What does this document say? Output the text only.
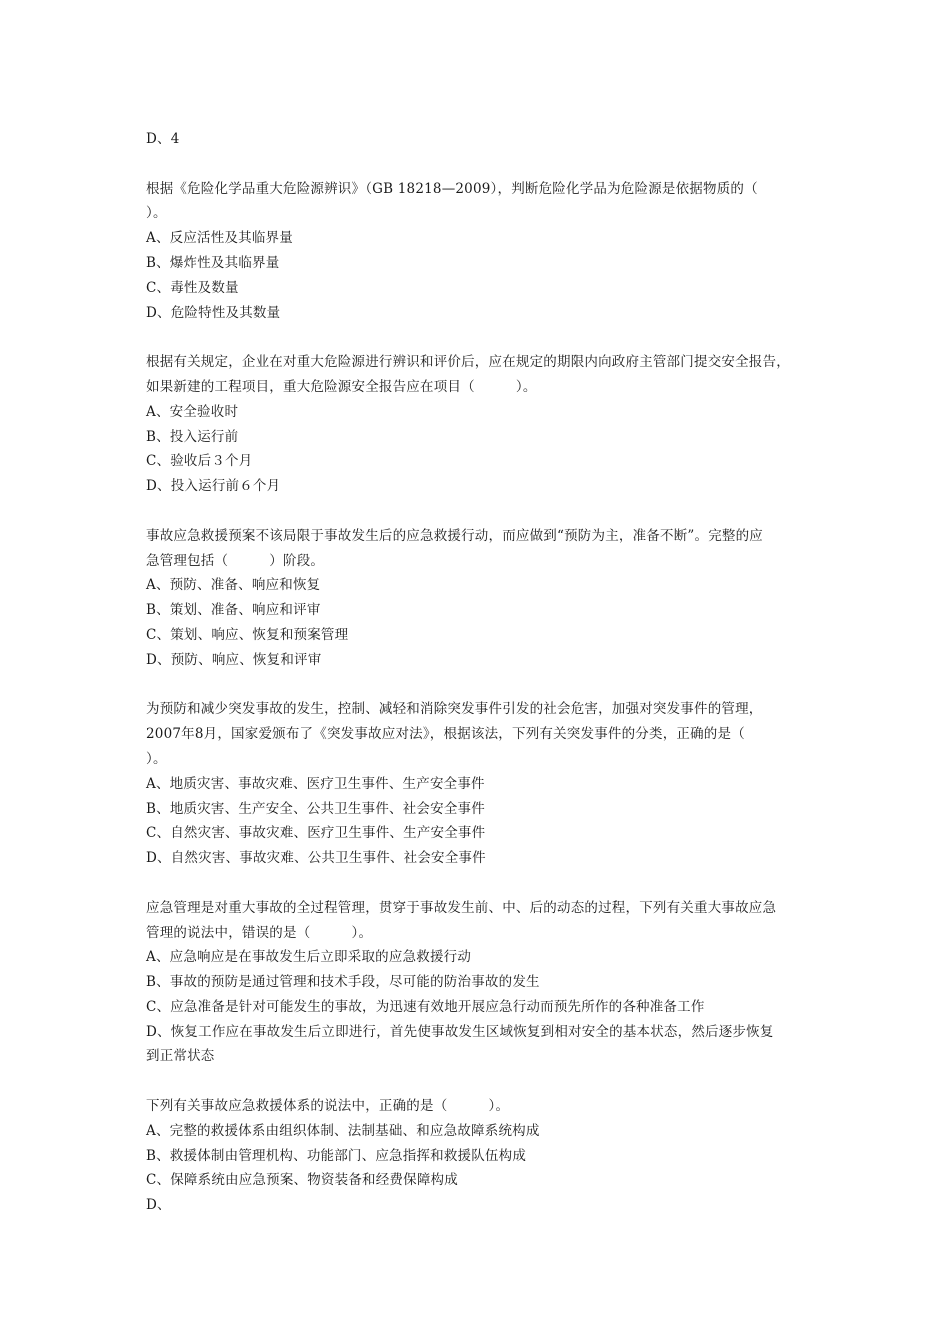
D、4
根据《危险化学品重大危险源辨识》（GB 18218—2009），判断危险化学品为危险源是依据物质的（
）。
A、反应活性及其临界量
B、爆炸性及其临界量
C、毒性及数量
D、危险特性及其数量
根据有关规定，企业在对重大危险源进行辨识和评价后，应在规定的期限内向政府主管部门提交安全报告，
如果新建的工程项目，重大危险源安全报告应在项目（　　　）。
A、安全验收时
B、投入运行前
C、验收后３个月
D、投入运行前６个月
事故应急救援预案不该局限于事故发生后的应急救援行动，而应做到“预防为主，准备不断”。完整的应
急管理包括（　　　）阶段。
A、预防、准备、响应和恢复
B、策划、准备、响应和评审
C、策划、响应、恢复和预案管理
D、预防、响应、恢复和评审
为预防和减少突发事故的发生，控制、减轻和消除突发事件引发的社会危害，加强对突发事件的管理，
2007年8月，国家爱颁布了《突发事故应对法》，根据该法，下列有关突发事件的分类，正确的是（
）。
A、地质灾害、事故灾难、医疗卫生事件、生产安全事件
B、地质灾害、生产安全、公共卫生事件、社会安全事件
C、自然灾害、事故灾难、医疗卫生事件、生产安全事件
D、自然灾害、事故灾难、公共卫生事件、社会安全事件
应急管理是对重大事故的全过程管理，贯穿于事故发生前、中、后的动态的过程，下列有关重大事故应急
管理的说法中，错误的是（　　　）。
A、应急响应是在事故发生后立即采取的应急救援行动
B、事故的预防是通过管理和技术手段，尽可能的防治事故的发生
C、应急准备是针对可能发生的事故，为迅速有效地开展应急行动而预先所作的各种准备工作
D、恢复工作应在事故发生后立即进行，首先使事故发生区域恢复到相对安全的基本状态，然后逐步恢复
到正常状态
下列有关事故应急救援体系的说法中，正确的是（　　　）。
A、完整的救援体系由组织体制、法制基础、和应急故障系统构成
B、救援体制由管理机构、功能部门、应急指挥和救援队伍构成
C、保障系统由应急预案、物资装备和经费保障构成
D、
